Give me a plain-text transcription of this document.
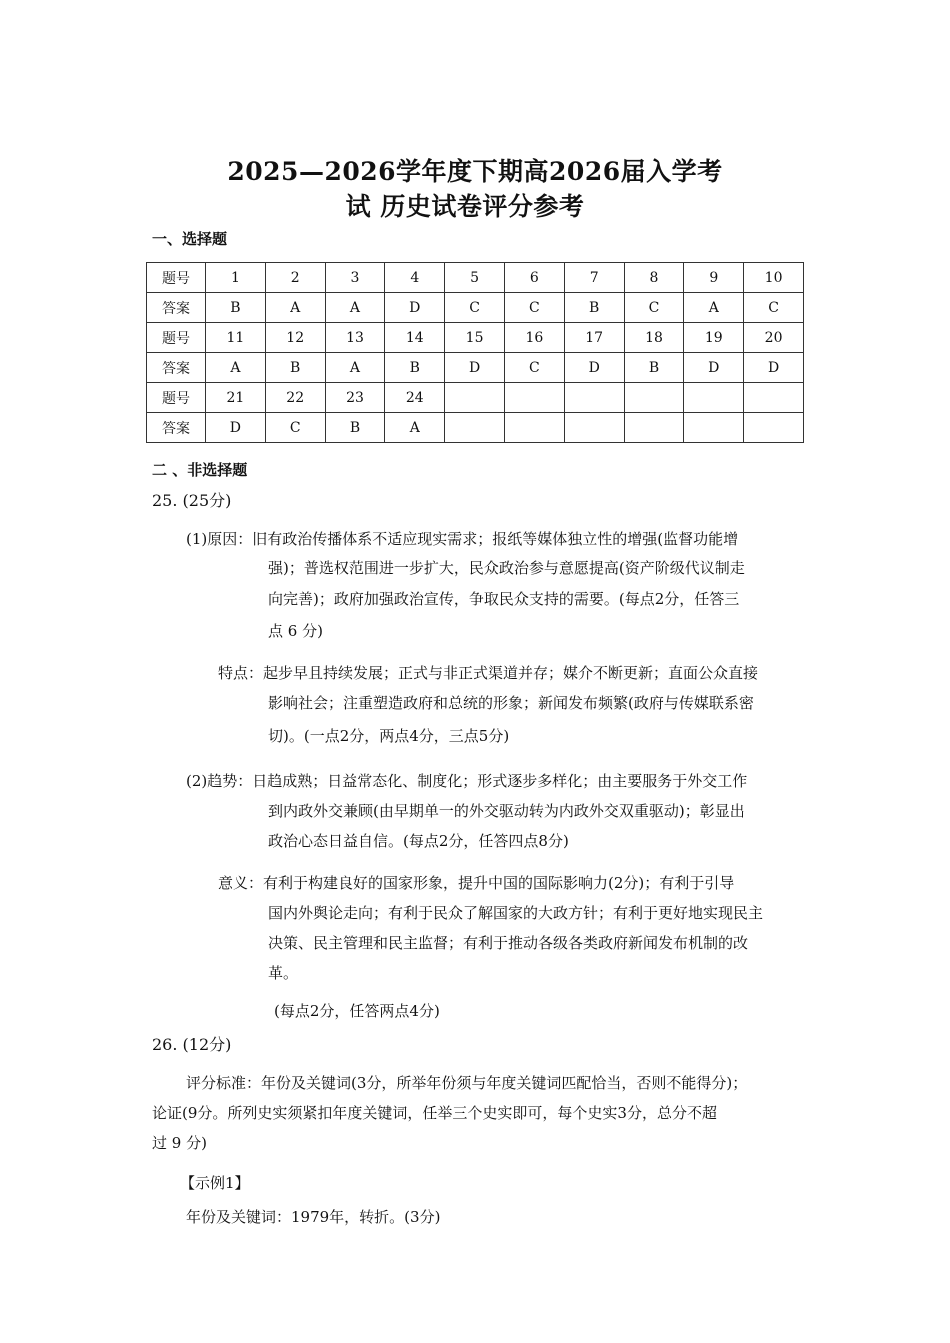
2025—2026学年度下期高2026届入学考
试 历史试卷评分参考
一、选择题
题号	1	2	3	4	5	6	7	8	9	10
答案	B	A	A	D	C	C	B	C	A	C
题号	11	12	13	14	15	16	17	18	19	20
答案	A	B	A	B	D	C	D	B	D	D
题号	21	22	23	24						
答案	D	C	B	A						
二 、非选择题
25. (25分)
(1)原因：旧有政治传播体系不适应现实需求；报纸等媒体独立性的增强(监督功能增
强)；普选权范围进一步扩大，民众政治参与意愿提高(资产阶级代议制走
向完善)；政府加强政治宣传，争取民众支持的需要。(每点2分，任答三
点 6 分)
特点：起步早且持续发展；正式与非正式渠道并存；媒介不断更新；直面公众直接
影响社会；注重塑造政府和总统的形象；新闻发布频繁(政府与传媒联系密
切)。(一点2分，两点4分，三点5分)
(2)趋势：日趋成熟；日益常态化、制度化；形式逐步多样化；由主要服务于外交工作
到内政外交兼顾(由早期单一的外交驱动转为内政外交双重驱动)；彰显出
政治心态日益自信。(每点2分，任答四点8分)
意义：有利于构建良好的国家形象，提升中国的国际影响力(2分)；有利于引导
国内外舆论走向；有利于民众了解国家的大政方针；有利于更好地实现民主
决策、民主管理和民主监督；有利于推动各级各类政府新闻发布机制的改
革。
(每点2分，任答两点4分)
26. (12分)
评分标准：年份及关键词(3分，所举年份须与年度关键词匹配恰当，否则不能得分)；
论证(9分。所列史实须紧扣年度关键词，任举三个史实即可，每个史实3分，总分不超
过 9 分)
【示例1】
年份及关键词：1979年，转折。(3分)
